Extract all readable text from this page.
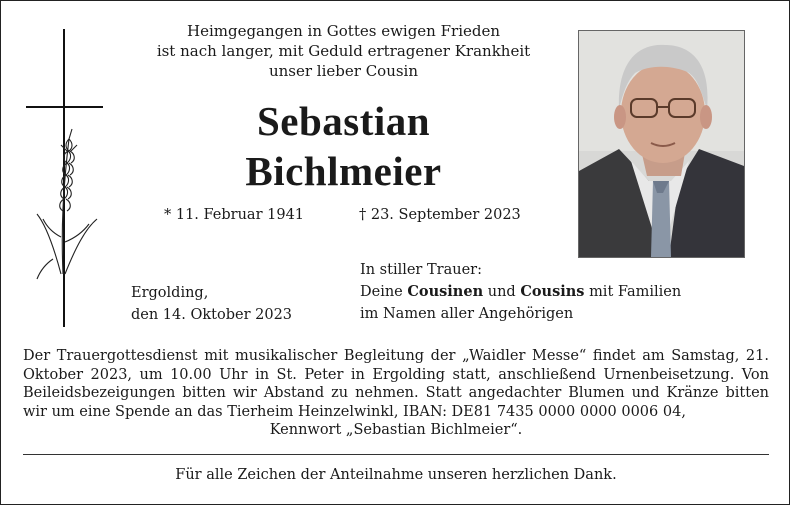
Heimgegangen in Gottes ewigen Frieden
ist nach langer, mit Geduld ertragener Krankheit
unser lieber Cousin
Sebastian
Bichlmeier
* 11. Februar 1941	† 23. September 2023
Ergolding,
den 14. Oktober 2023
In stiller Trauer:
Deine Cousinen und Cousins mit Familien
im Namen aller Angehörigen
Der Trauergottesdienst mit musikalischer Begleitung der „Waidler Messe“ findet am Samstag, 21. Oktober 2023, um 10.00 Uhr in St. Peter in Ergolding statt, anschließend Urnenbeisetzung. Von Beileidsbezeigungen bitten wir Abstand zu nehmen. Statt angedachter Blumen und Kränze bitten wir um eine Spende an das Tierheim Heinzelwinkl, IBAN: DE81 7435 0000 0000 0006 04,
Kennwort „Sebastian Bichlmeier“.
Für alle Zeichen der Anteilnahme unseren herzlichen Dank.
